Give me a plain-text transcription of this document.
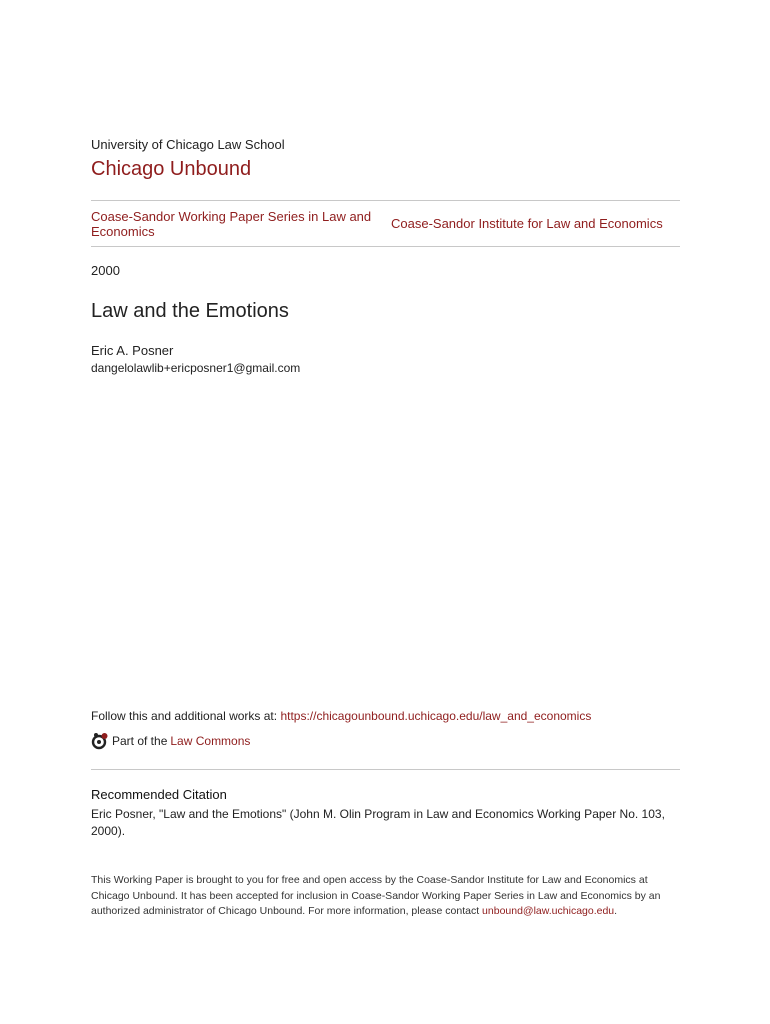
University of Chicago Law School
Chicago Unbound
Coase-Sandor Working Paper Series in Law and Economics
Coase-Sandor Institute for Law and Economics
2000
Law and the Emotions
Eric A. Posner
dangelolawlib+ericposner1@gmail.com
Follow this and additional works at: https://chicagounbound.uchicago.edu/law_and_economics
Part of the Law Commons
Recommended Citation
Eric Posner, "Law and the Emotions" (John M. Olin Program in Law and Economics Working Paper No. 103, 2000).
This Working Paper is brought to you for free and open access by the Coase-Sandor Institute for Law and Economics at Chicago Unbound. It has been accepted for inclusion in Coase-Sandor Working Paper Series in Law and Economics by an authorized administrator of Chicago Unbound. For more information, please contact unbound@law.uchicago.edu.
